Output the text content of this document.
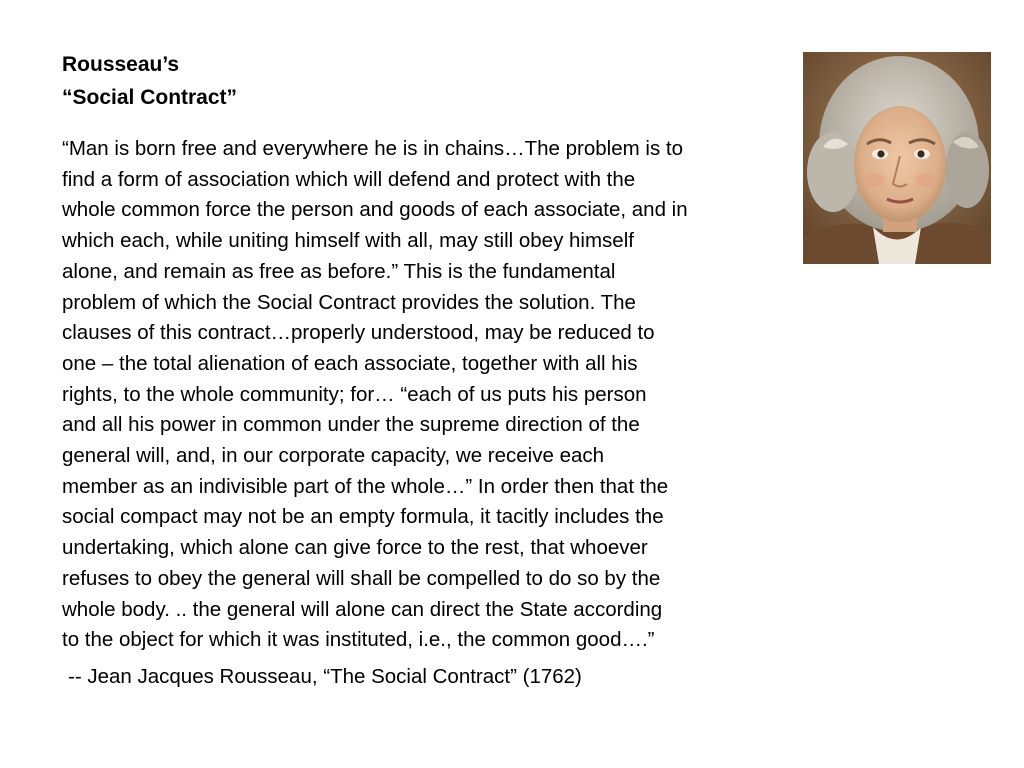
Rousseau’s
“Social Contract”
“Man is born free and everywhere he is in chains…The problem is to
find a form of association which will defend and protect with the
whole common force the person and goods of each associate, and in
which each, while uniting himself with all, may still obey himself
alone, and remain as free as before.” This is the fundamental
problem of which the Social Contract provides the solution. The
clauses of this contract…properly understood, may be reduced to
one – the total alienation of each associate, together with all his
rights, to the whole community; for… “each of us puts his person
and all his power in common under the supreme direction of the
general will, and, in our corporate capacity, we receive each
member as an indivisible part of the whole…” In order then that the
social compact may not be an empty formula, it tacitly includes the
undertaking, which alone can give force to the rest, that whoever
refuses to obey the general will shall be compelled to do so by the
whole body. .. the general will alone can direct the State according
to the object for which it was instituted, i.e., the common good….”
-- Jean Jacques Rousseau, “The Social Contract” (1762)
